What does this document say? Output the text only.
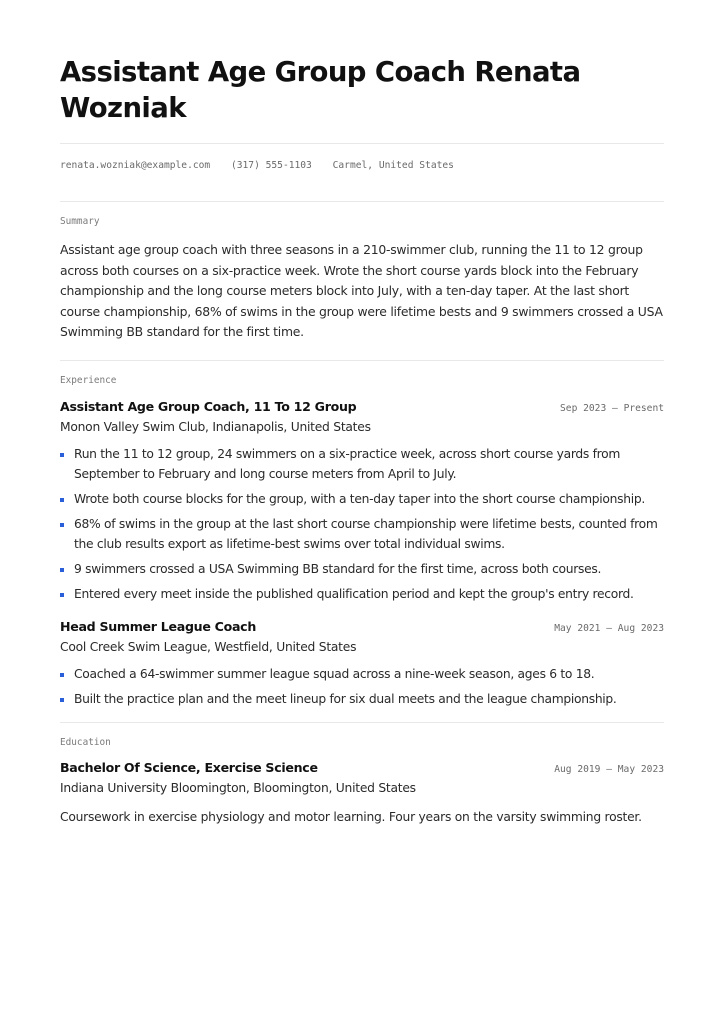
Assistant Age Group Coach Renata Wozniak
renata.wozniak@example.com (317) 555-1103 Carmel, United States
Summary

Assistant age group coach with three seasons in a 210-swimmer club, running the 11 to 12 group across both courses on a six-practice week. Wrote the short course yards block into the February championship and the long course meters block into July, with a ten-day taper. At the last short course championship, 68% of swims in the group were lifetime bests and 9 swimmers crossed a USA Swimming BB standard for the first time.

Experience
Assistant Age Group Coach, 11 To 12 Group	Sep 2023 — Present
Monon Valley Swim Club, Indianapolis, United States
Run the 11 to 12 group, 24 swimmers on a six-practice week, across short course yards from September to February and long course meters from April to July.
Wrote both course blocks for the group, with a ten-day taper into the short course championship.
68% of swims in the group at the last short course championship were lifetime bests, counted from the club results export as lifetime-best swims over total individual swims.
9 swimmers crossed a USA Swimming BB standard for the first time, across both courses.
Entered every meet inside the published qualification period and kept the group's entry record.
Head Summer League Coach	May 2021 — Aug 2023
Cool Creek Swim League, Westfield, United States
Coached a 64-swimmer summer league squad across a nine-week season, ages 6 to 18.
Built the practice plan and the meet lineup for six dual meets and the league championship.
Education
Bachelor Of Science, Exercise Science	Aug 2019 — May 2023
Indiana University Bloomington, Bloomington, United States
Coursework in exercise physiology and motor learning. Four years on the varsity swimming roster.
